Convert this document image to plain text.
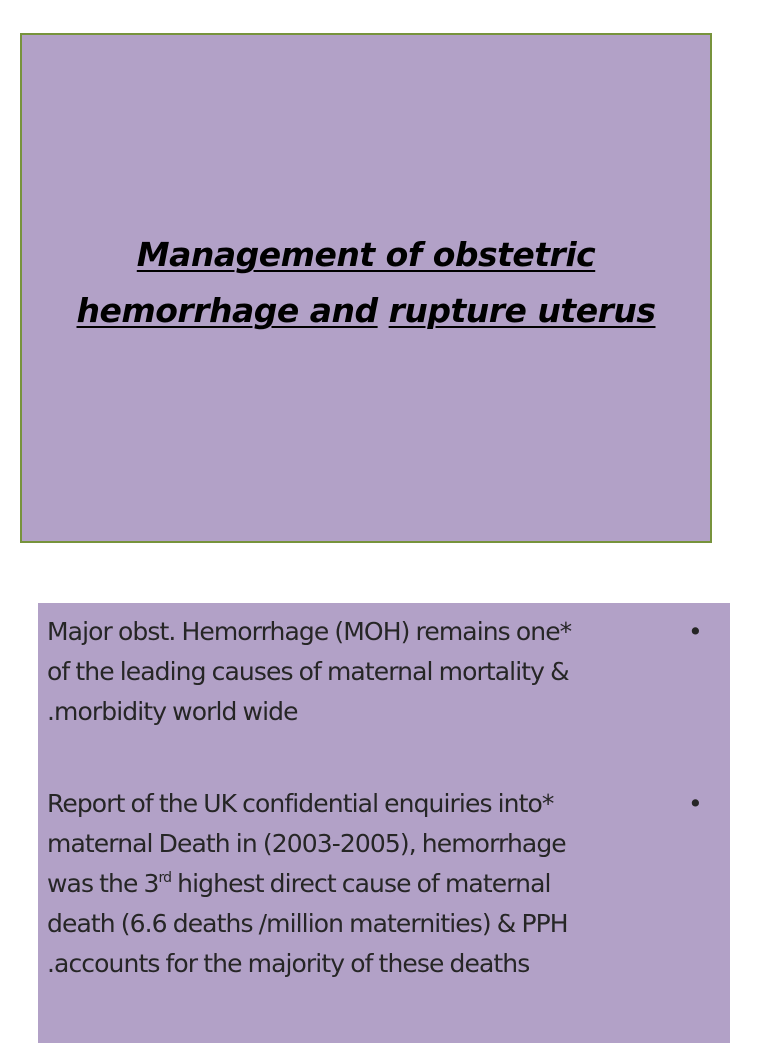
Management of obstetric
hemorrhage and rupture uterus
•
Major obst. Hemorrhage (MOH) remains one*
of the leading causes of maternal mortality &
.morbidity world wide
•
Report of the UK confidential enquiries into*
maternal Death in (2003-2005), hemorrhage
was the 3rd highest direct cause of maternal
death (6.6 deaths /million maternities) & PPH
.accounts for the majority of these deaths
